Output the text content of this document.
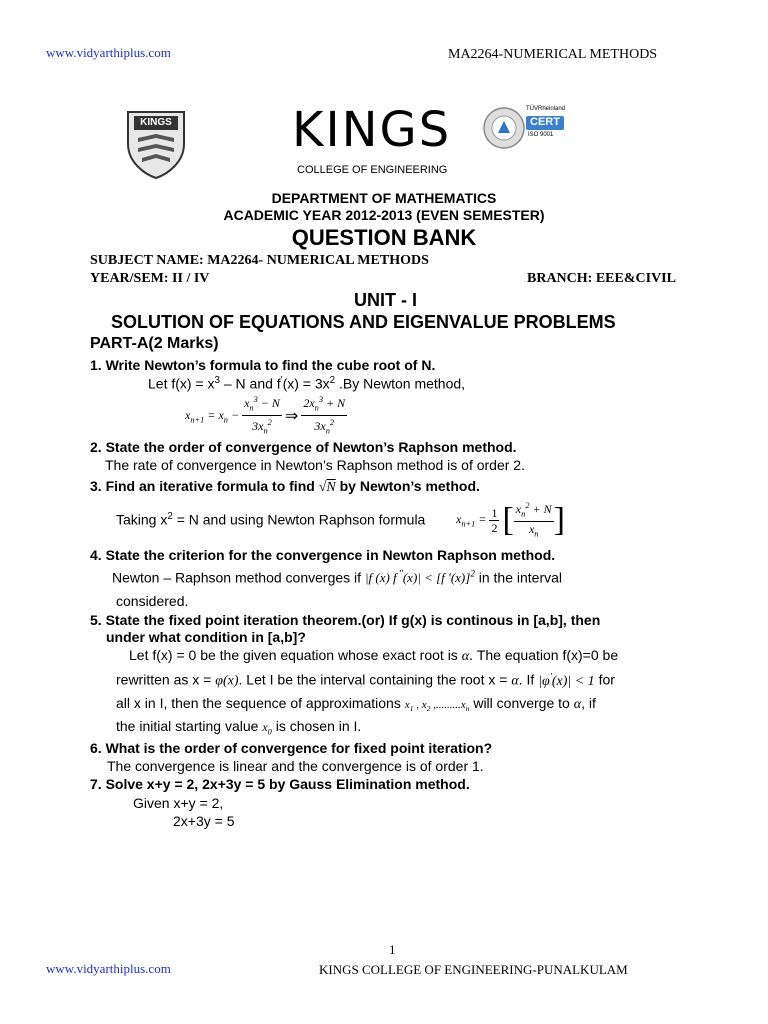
www.vidyarthiplus.com	MA2264-NUMERICAL METHODS
KINGS	KINGS
COLLEGE OF ENGINEERING
TÜVRheinland
CERT
ISO 9001
DEPARTMENT OF MATHEMATICS
ACADEMIC YEAR 2012-2013 (EVEN SEMESTER)
QUESTION BANK
SUBJECT NAME: MA2264- NUMERICAL METHODS
YEAR/SEM: II / IV	BRANCH: EEE&CIVIL
UNIT - I
SOLUTION OF EQUATIONS AND EIGENVALUE PROBLEMS
PART-A(2 Marks)
1. Write Newton’s formula to find the cube root of N.
Let $f(x) = x^3 - N$ and $f'(x) = 3x^2$ .By Newton method,
$x_{n+1} = x_n - \frac{x_n^3 - N}{3x_n^2}$ ⇒ $\frac{2x_n^3 + N}{3x_n^2}$
2. State the order of convergence of Newton’s Raphson method.
The rate of convergence in Newton’s Raphson method is of order 2.
3. Find an iterative formula to find √N by Newton’s method.
Taking $x^2 = N$ and using Newton Raphson formula	$x_{n+1} = \frac{1}{2}$ [ $\frac{x_n^2 + N}{x_n}$ ]
4. State the criterion for the convergence in Newton Raphson method.
Newton – Raphson method converges if |f (x) f ''(x)| < [f '(x)]$^2$ in the interval
considered.
5. State the fixed point iteration theorem.(or) If g(x) is continous in [a,b], then
under what condition in [a,b]?
Let f(x) = 0 be the given equation whose exact root is α. The equation f(x)=0 be
rewritten as x = φ(x). Let I be the interval containing the root x = α. If |φ'(x)| < 1 for
all x in I, then the sequence of approximations $x_1$ , $x_2$ $,.........x_n$ will converge to α, if
the initial starting value $x_0$ is chosen in I.
6. What is the order of convergence for fixed point iteration?
The convergence is linear and the convergence is of order 1.
7. Solve x+y = 2, 2x+3y = 5 by Gauss Elimination method.
Given x+y = 2,
2x+3y = 5
1
www.vidyarthiplus.com	KINGS COLLEGE OF ENGINEERING-PUNALKULAM
